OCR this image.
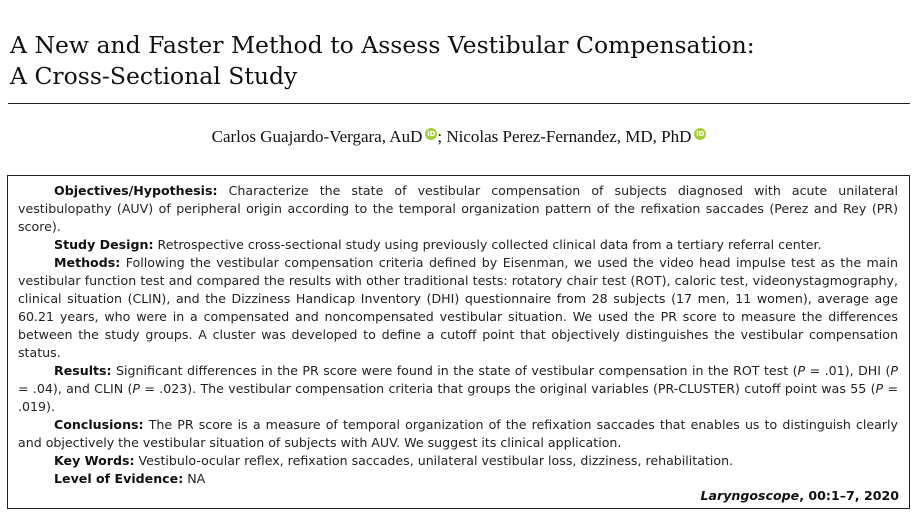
A New and Faster Method to Assess Vestibular Compensation:
A Cross-Sectional Study
Carlos Guajardo-Vergara, AuD iD ; Nicolas Perez-Fernandez, MD, PhD iD

Objectives/Hypothesis: Characterize the state of vestibular compensation of subjects diagnosed with acute unilateral vestibulopathy (AUV) of peripheral origin according to the temporal organization pattern of the refixation saccades (Perez and Rey (PR) score).

Study Design: Retrospective cross-sectional study using previously collected clinical data from a tertiary referral center.

Methods: Following the vestibular compensation criteria defined by Eisenman, we used the video head impulse test as the main vestibular function test and compared the results with other traditional tests: rotatory chair test (ROT), caloric test, videonystagmography, clinical situation (CLIN), and the Dizziness Handicap Inventory (DHI) questionnaire from 28 subjects (17 men, 11 women), average age 60.21 years, who were in a compensated and noncompensated vestibular situation. We used the PR score to measure the differences between the study groups. A cluster was developed to define a cutoff point that objectively distinguishes the vestibular compensation status.

Results: Significant differences in the PR score were found in the state of vestibular compensation in the ROT test (P = .01), DHI (P = .04), and CLIN (P = .023). The vestibular compensation criteria that groups the original variables (PR-CLUSTER) cutoff point was 55 (P = .019).

Conclusions: The PR score is a measure of temporal organization of the refixation saccades that enables us to distinguish clearly and objectively the vestibular situation of subjects with AUV. We suggest its clinical application.

Key Words: Vestibulo-ocular reflex, refixation saccades, unilateral vestibular loss, dizziness, rehabilitation.

Level of Evidence: NA

Laryngoscope, 00:1–7, 2020
